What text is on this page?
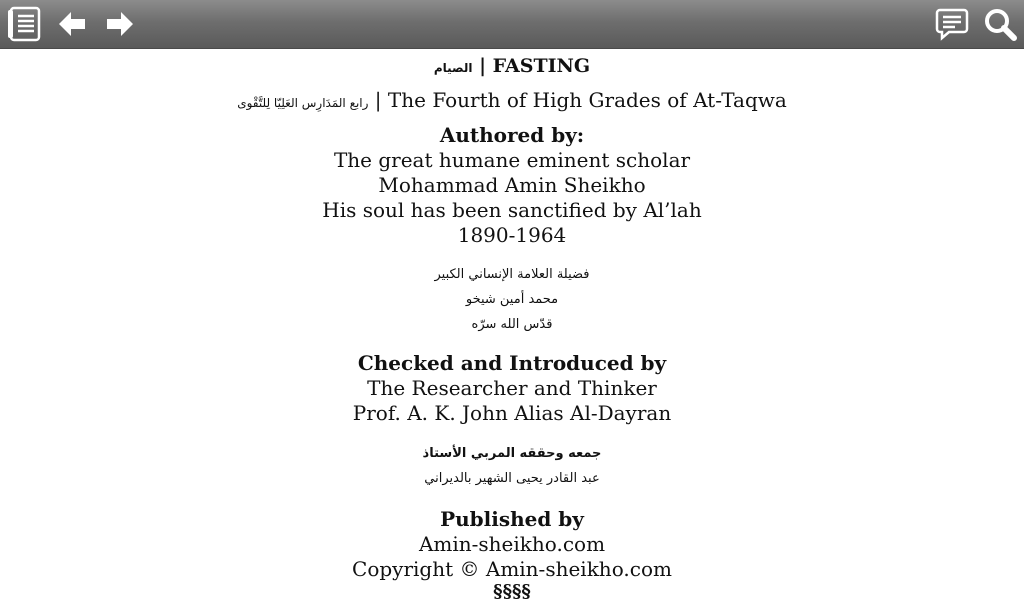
الصيام | FASTING
رابع المَدَارِس العَلِيّا لِلتَّقْوى | The Fourth of High Grades of At-Taqwa
Authored by:
The great humane eminent scholar
Mohammad Amin Sheikho
His soul has been sanctified by Al’lah
1890-1964
فضيلة العلامة الإنساني الكبير
محمد أمين شيخو
قدّس الله سرّه
Checked and Introduced by
The Researcher and Thinker
Prof. A. K. John Alias Al-Dayran
جمعه وحققه المربي الأستاذ
عبد القادر يحيى الشهير بالديراني
Published by
Amin-sheikho.com
Copyright © Amin-sheikho.com
§§§§
